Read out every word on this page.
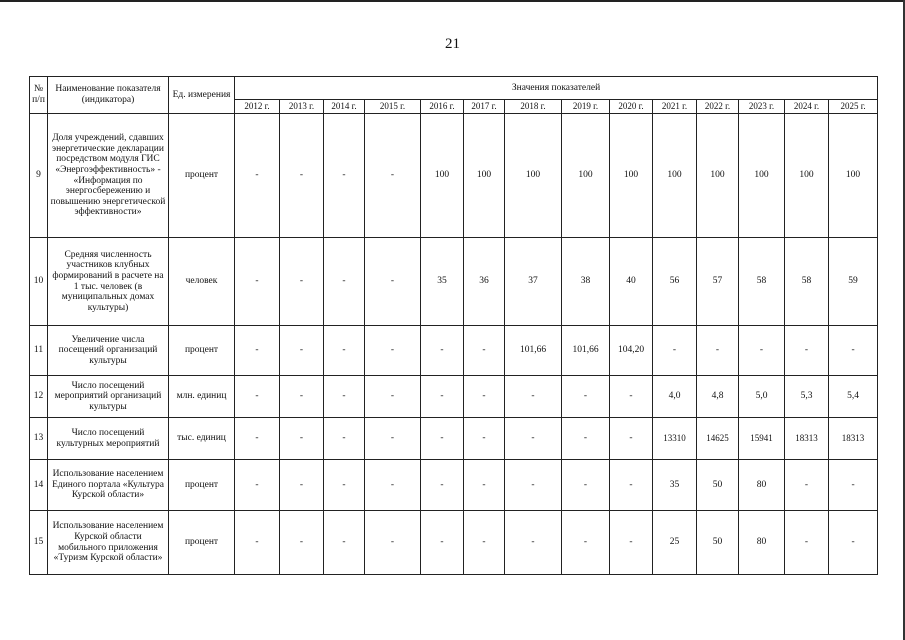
21
№ п/п	Наименование показателя (индикатора)	Ед. измерения	Значения показателей													
			2012 г.	2013 г.	2014 г.	2015 г.	2016 г.	2017 г.	2018 г.	2019 г.	2020 г.	2021 г.	2022 г.	2023 г.	2024 г.	2025 г.
9	Доля учреждений, сдавших энергетические декларации посредством модуля ГИС «Энергоэффективность» - «Информация по энергосбережению и повышению энергетической эффективности»	процент	-	-	-	-	100	100	100	100	100	100	100	100	100	100
10	Средняя численность участников клубных формирований в расчете на 1 тыс. человек (в муниципальных домах культуры)	человек	-	-	-	-	35	36	37	38	40	56	57	58	58	59
11	Увеличение числа посещений организаций культуры	процент	-	-	-	-	-	-	101,66	101,66	104,20	-	-	-	-	-
12	Число посещений мероприятий организаций культуры	млн. единиц	-	-	-	-	-	-	-	-	-	4,0	4,8	5,0	5,3	5,4
13	Число посещений культурных мероприятий	тыс. единиц	-	-	-	-	-	-	-	-	-	13310	14625	15941	18313	18313
14	Использование населением Единого портала «Культура Курской области»	процент	-	-	-	-	-	-	-	-	-	35	50	80	-	-
15	Использование населением Курской области мобильного приложения «Туризм Курской области»	процент	-	-	-	-	-	-	-	-	-	25	50	80	-	-
